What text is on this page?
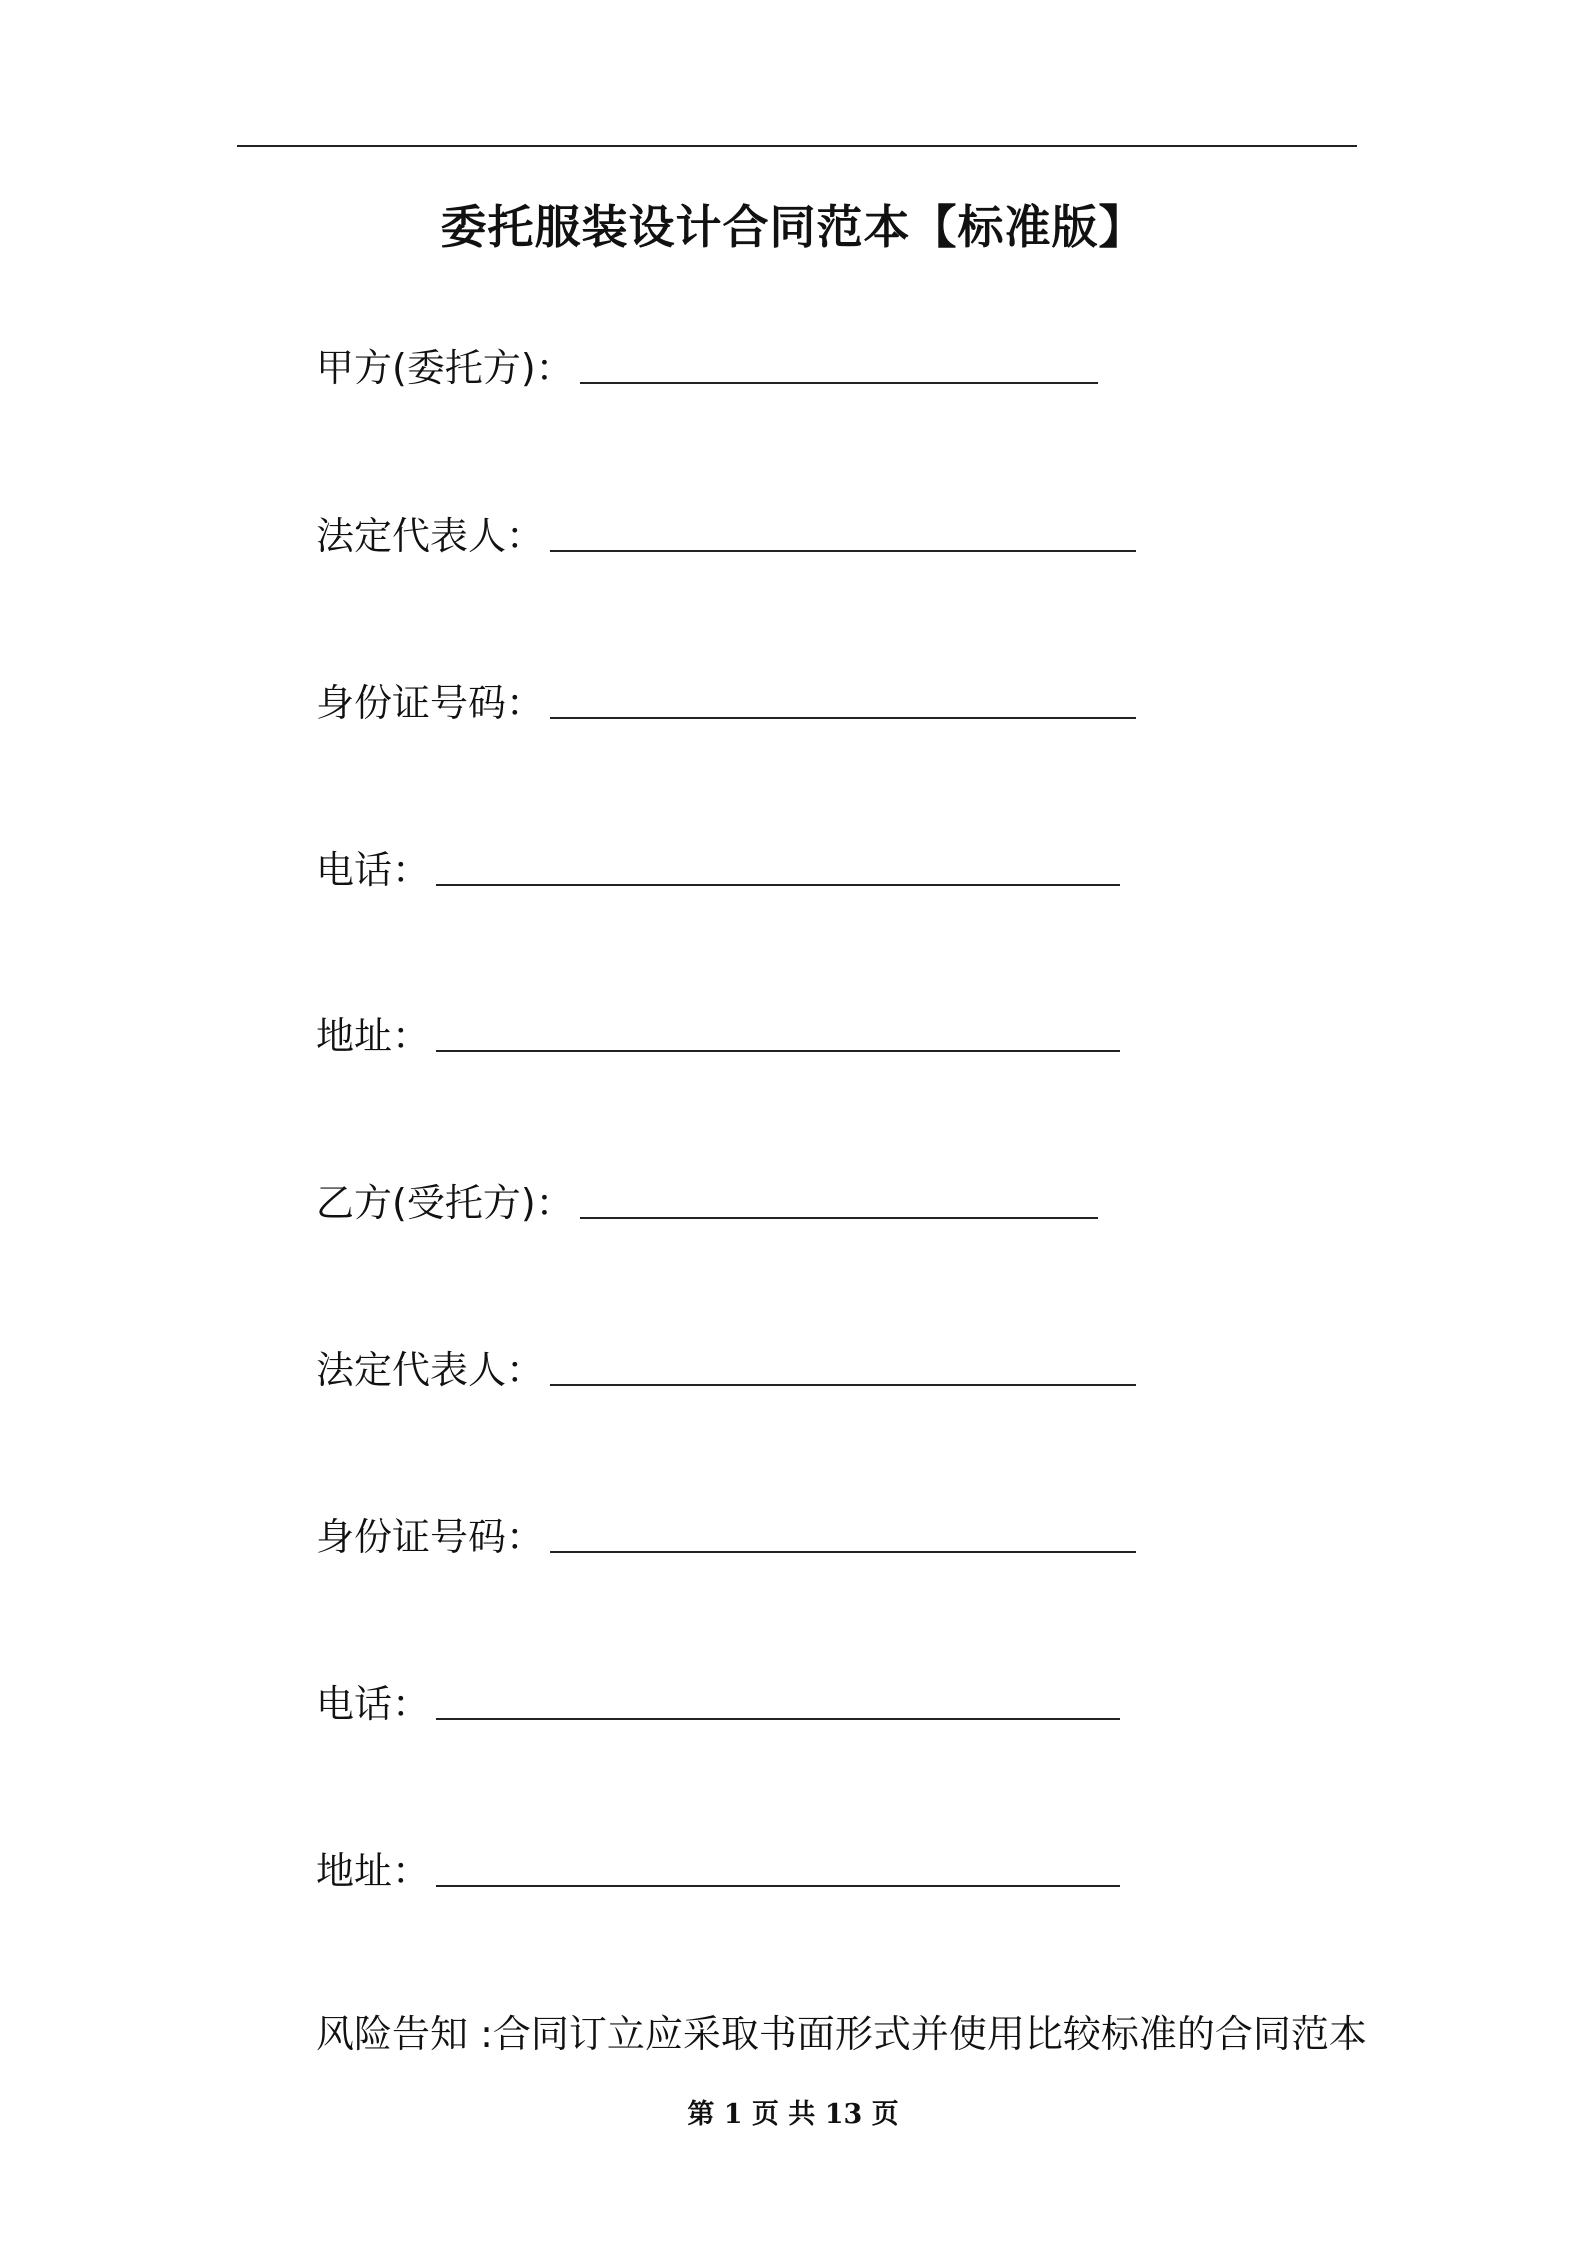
委托服装设计合同范本【标准版】
甲方(委托方)：
法定代表人：
身份证号码：
电话：
地址：
乙方(受托方)：
法定代表人：
身份证号码：
电话：
地址：
风险告知 :合同订立应采取书面形式并使用比较标准的合同范本
第 1 页 共 13 页
